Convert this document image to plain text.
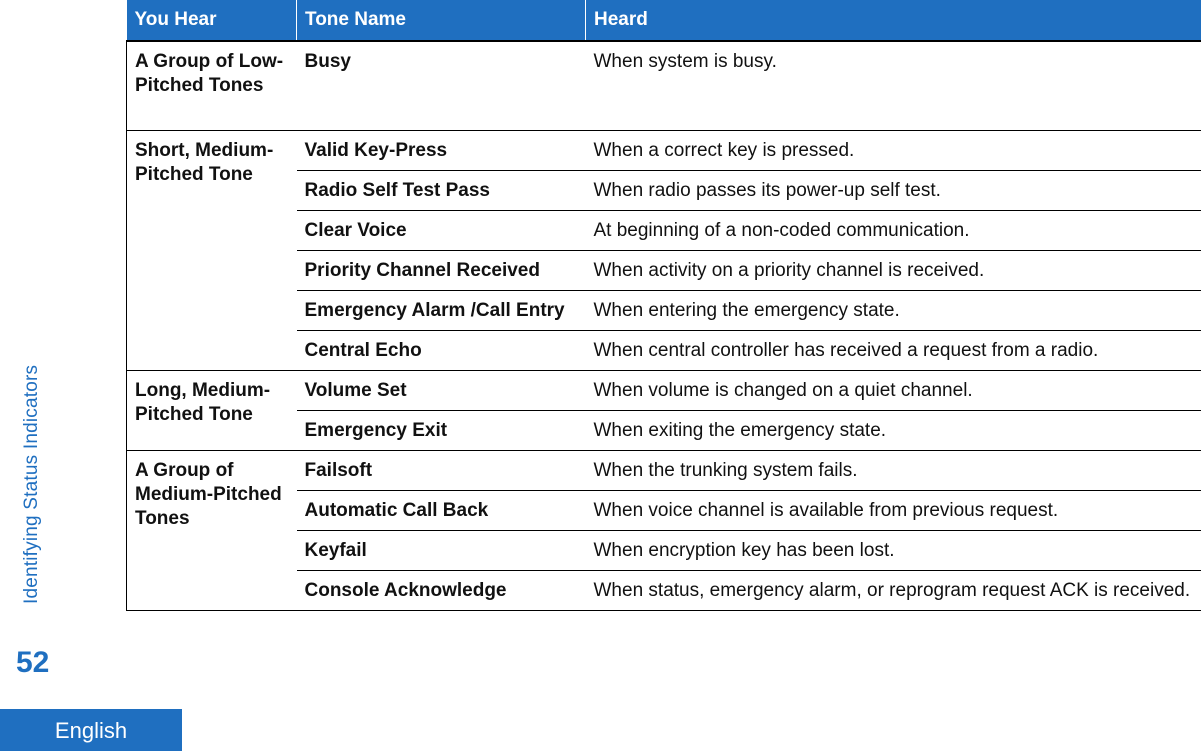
Identifying Status Indicators
52
English
You Hear	Tone Name	Heard
A Group of Low-Pitched Tones	Busy	When system is busy.
Short, Medium-Pitched Tone	Valid Key-Press	When a correct key is pressed.
	Radio Self Test Pass	When radio passes its power-up self test.
	Clear Voice	At beginning of a non-coded communication.
	Priority Channel Received	When activity on a priority channel is received.
	Emergency Alarm /Call Entry	When entering the emergency state.
	Central Echo	When central controller has received a request from a radio.
Long, Medium-Pitched Tone	Volume Set	When volume is changed on a quiet channel.
	Emergency Exit	When exiting the emergency state.
A Group of Medium-Pitched Tones	Failsoft	When the trunking system fails.
	Automatic Call Back	When voice channel is available from previous request.
	Keyfail	When encryption key has been lost.
	Console Acknowledge	When status, emergency alarm, or reprogram request ACK is received.
